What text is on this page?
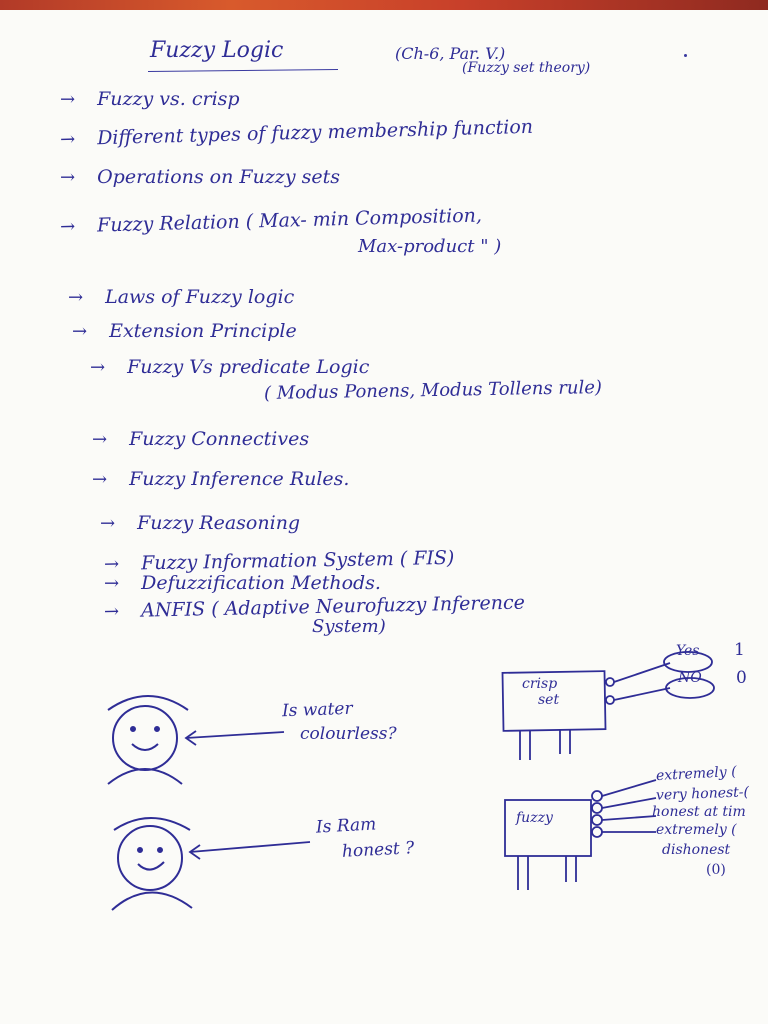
Fuzzy Logic	(Ch-6, Par. V.)
(Fuzzy set theory)
→ Fuzzy vs. crisp
→ Different types of fuzzy membership function
→ Operations on Fuzzy sets
→ Fuzzy Relation ( Max- min Composition,
Max-product " )
→ Laws of Fuzzy logic
→ Extension Principle
→ Fuzzy Vs predicate Logic
( Modus Ponens, Modus Tollens rule)
→ Fuzzy Connectives
→ Fuzzy Inference Rules.
→ Fuzzy Reasoning
→ Fuzzy Information System ( FIS)
→ Defuzzification Methods.
→ ANFIS ( Adaptive Neurofuzzy Inference
System)
Is water
colourless?
crisp
set
Yes
NO
1
0
Is Ram
honest ?
fuzzy
extremely (
very honest-(
honest at tim
extremely (
dishonest
(0)
